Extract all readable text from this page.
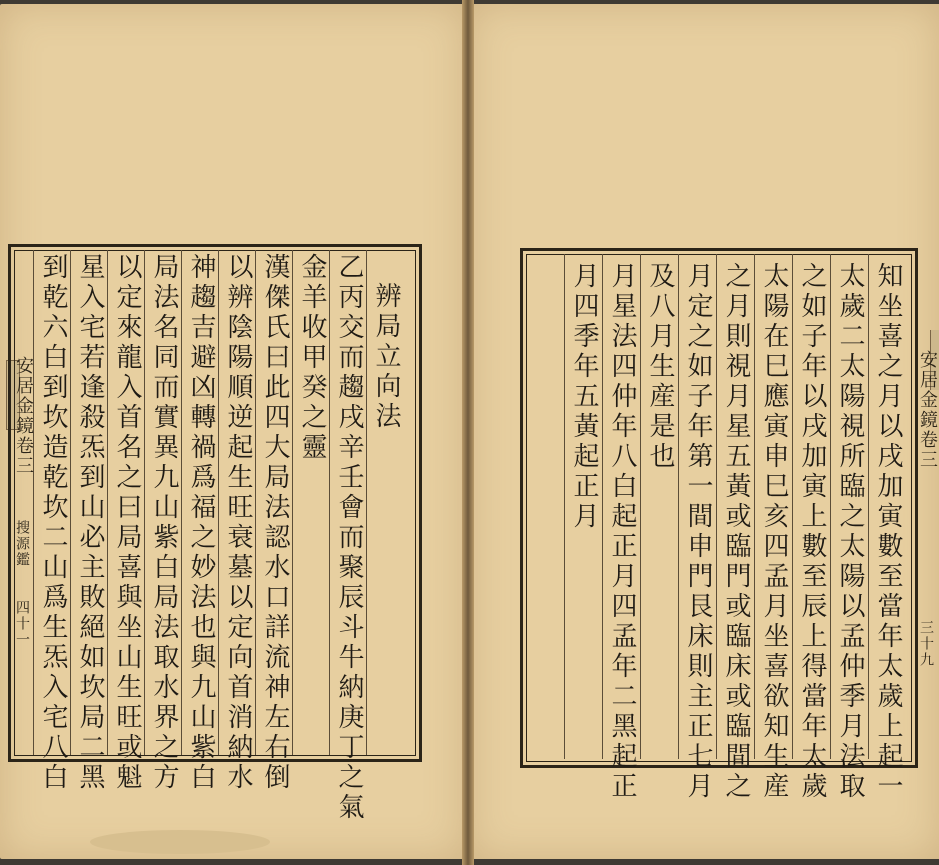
辨局立向法
乙丙交而趨戌辛壬會而聚辰斗牛納庚丁之氣
金羊收甲癸之靈
漢傑氏曰此四大局法認水口詳流神左右倒
以辨陰陽順逆起生旺衰墓以定向首消納水
神趨吉避凶轉禍爲福之妙法也與九山紫白
局法名同而實異九山紫白局法取水界之方
以定來龍入首名之曰局喜與坐山生旺或魁
星入宅若逢殺炁到山必主敗絕如坎局二黑
到乾六白到坎造乾坎二山爲生炁入宅八白
安居金鏡卷三
搜源鑑
四十一	知坐喜之月以戌加寅數至當年太歲上起一
太歲二太陽視所臨之太陽以孟仲季月法取
之如子年以戌加寅上數至辰上得當年太歲
太陽在巳應寅申巳亥四孟月坐喜欲知生産
之月則視月星五黃或臨門或臨床或臨間之
月定之如子年第一間申門艮床則主正七月
及八月生産是也
月星法四仲年八白起正月四孟年二黑起正
月四季年五黃起正月	安居金鏡卷三
三十九
